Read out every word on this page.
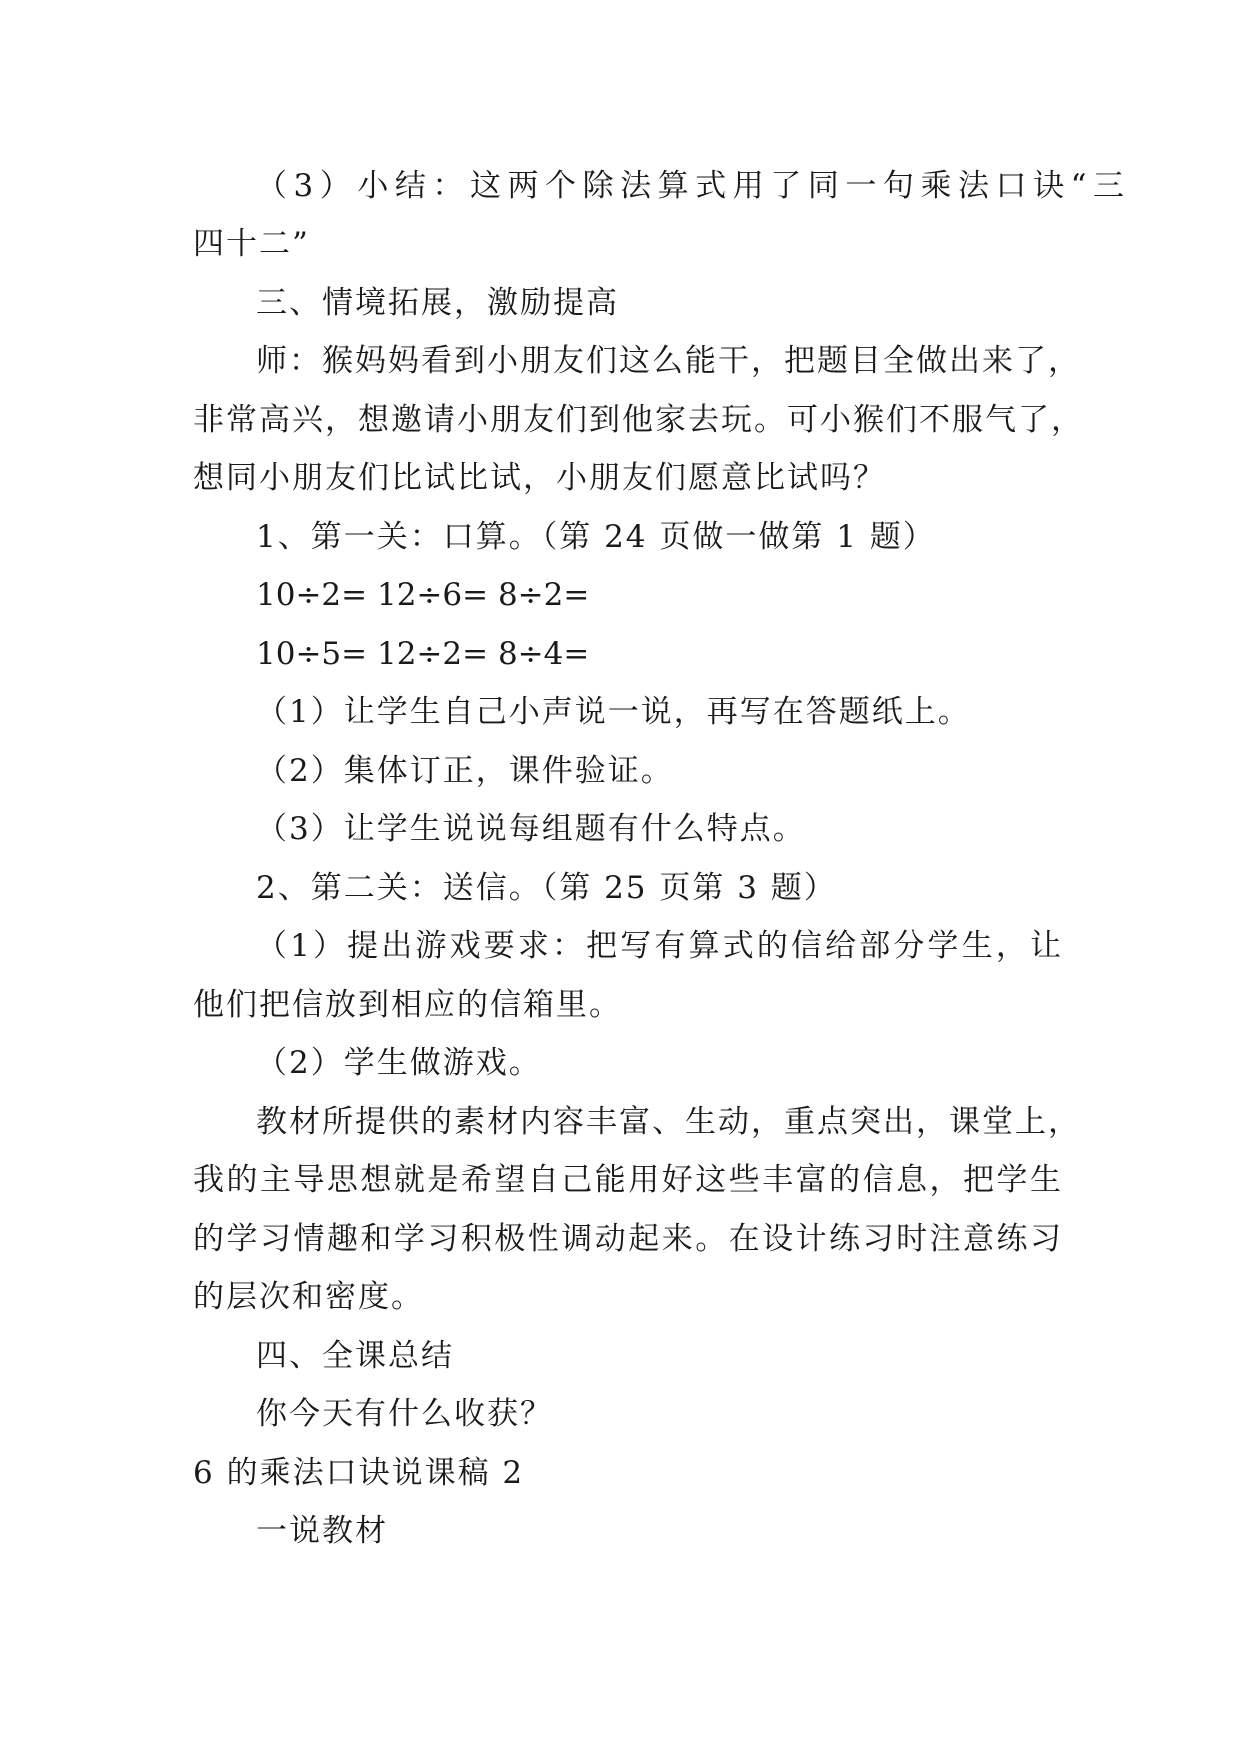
（3）小结：这两个除法算式用了同一句乘法口诀“三
四十二”
三、情境拓展，激励提高
师：猴妈妈看到小朋友们这么能干，把题目全做出来了，
非常高兴，想邀请小朋友们到他家去玩。可小猴们不服气了，
想同小朋友们比试比试，小朋友们愿意比试吗？
1、第一关：口算。（第 24 页做一做第 1 题）
10÷2= 12÷6= 8÷2=
10÷5= 12÷2= 8÷4=
（1）让学生自己小声说一说，再写在答题纸上。
（2）集体订正，课件验证。
（3）让学生说说每组题有什么特点。
2、第二关：送信。（第 25 页第 3 题）
（1）提出游戏要求：把写有算式的信给部分学生，让
他们把信放到相应的信箱里。
（2）学生做游戏。
教材所提供的素材内容丰富、生动，重点突出，课堂上，
我的主导思想就是希望自己能用好这些丰富的信息，把学生
的学习情趣和学习积极性调动起来。在设计练习时注意练习
的层次和密度。
四、全课总结
你今天有什么收获？
6 的乘法口诀说课稿 2
一说教材
